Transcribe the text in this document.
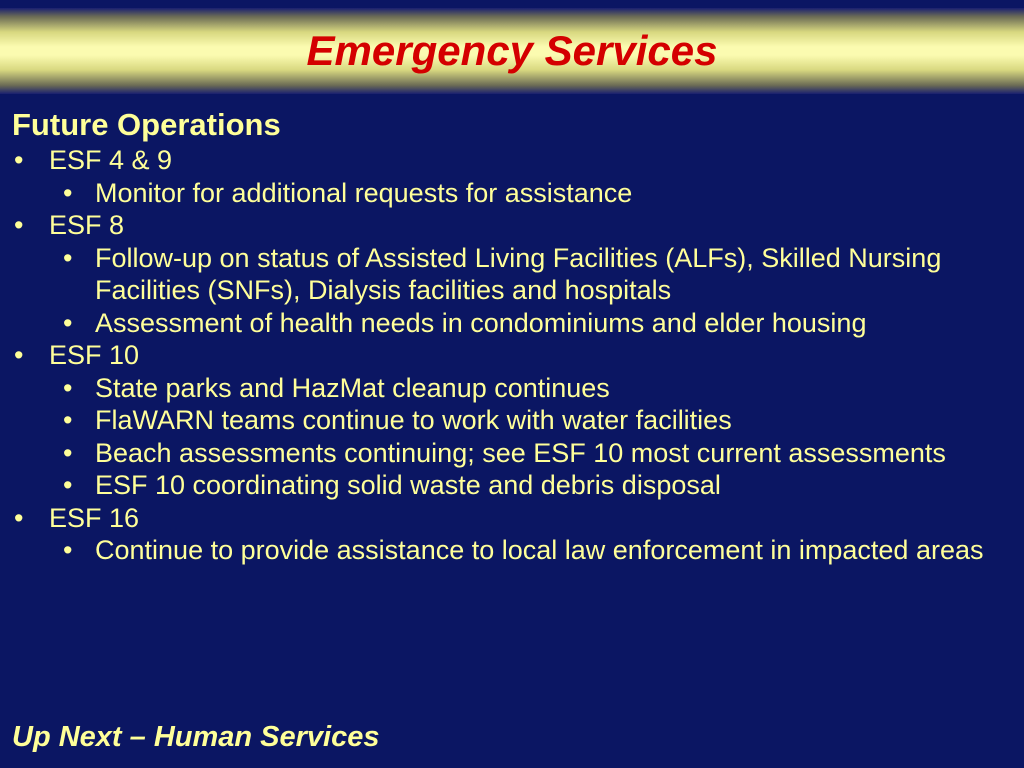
Emergency Services
Future Operations
• ESF 4 & 9
• Monitor for additional requests for assistance
• ESF 8
• Follow-up on status of Assisted Living Facilities (ALFs), Skilled Nursing Facilities (SNFs), Dialysis facilities and hospitals
• Assessment of health needs in condominiums and elder housing
• ESF 10
• State parks and HazMat cleanup continues
• FlaWARN teams continue to work with water facilities
• Beach assessments continuing; see ESF 10 most current assessments
• ESF 10 coordinating solid waste and debris disposal
• ESF 16
• Continue to provide assistance to local law enforcement in impacted areas
Up Next – Human Services
